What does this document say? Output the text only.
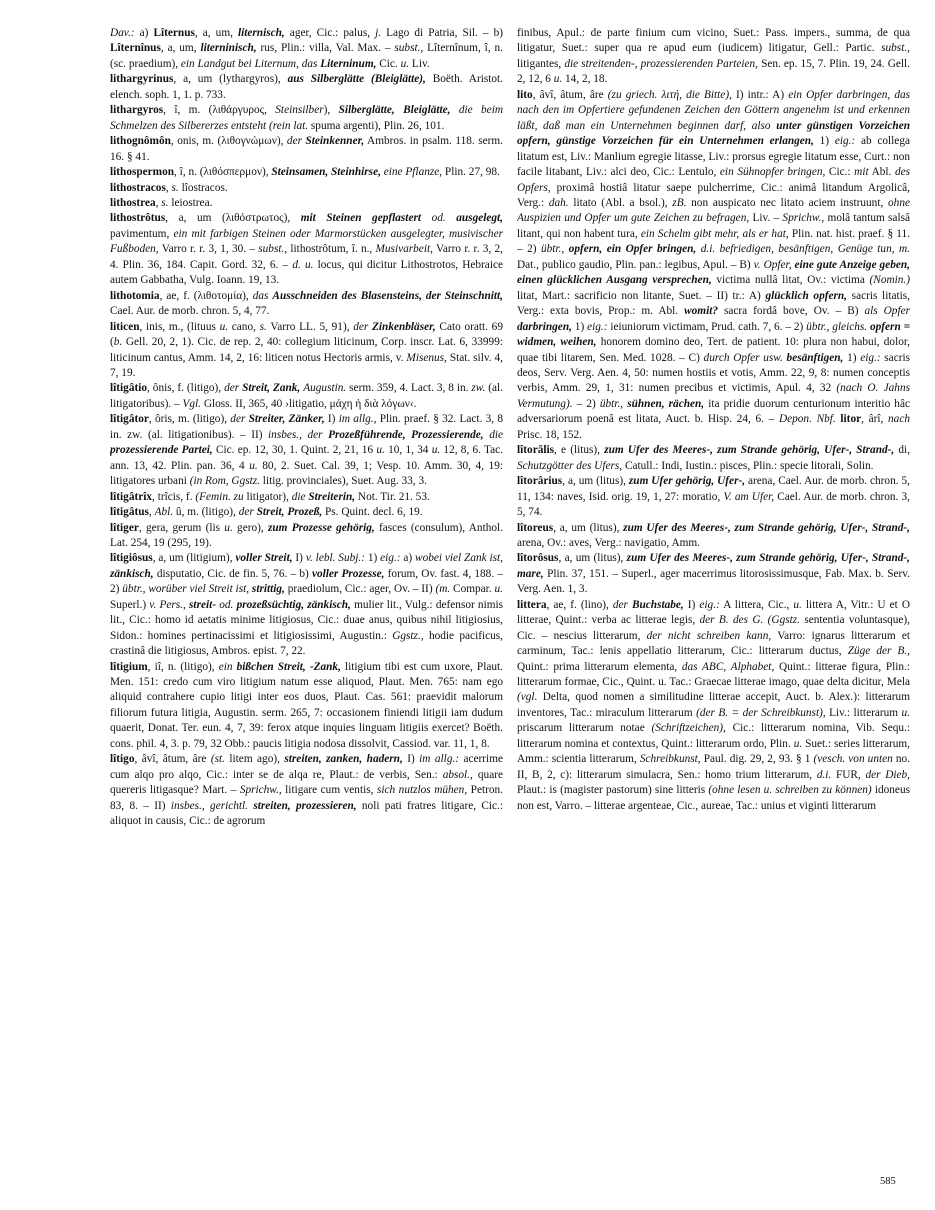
Dav.: a) Lîternus, a, um, liternisch, ager, Cic.: palus, j. Lago di Patria, Sil. – b) Lîternînus, a, um, literninisch, rus, Plin.: villa, Val. Max. – subst., Lîternînum, î, n. (sc. praedium), ein Landgut bei Liternum, das Literninum, Cic. u. Liv.

lithargyrinus, a, um (lythargyros), aus Silberglätte (Bleiglätte), Boëth. Aristot. elench. soph. 1, 1. p. 733.

lithargyros, î, m. (λιθάργυρος, Steinsilber), Silberglätte, Bleiglätte, die beim Schmelzen des Silbererzes entsteht (rein lat. spuma argenti), Plin. 26, 101.

lithognômôn, onis, m. (λιθογνώμων), der Steinkenner, Ambros. in psalm. 118. serm. 16. § 41.

lithospermon, î, n. (λιθόσπερμον), Steinsamen, Steinhirse, eine Pflanze, Plin. 27, 98.

lithostracos, s. lîostracos.

lithostrea, s. leiostrea.

lithostrôtus, a, um (λιθόστρωτος), mit Steinen gepflastert od. ausgelegt, pavimentum, ein mit farbigen Steinen oder Marmorstücken ausgelegter, musivischer Fußboden, Varro r. r. 3, 1, 30. – subst., lithostrôtum, î. n., Musivarbeit, Varro r. r. 3, 2, 4. Plin. 36, 184. Capit. Gord. 32, 6. – d. u. locus, qui dicitur Lithostrotos, Hebraice autem Gabbatha, Vulg. Ioann. 19, 13.

lithotomia, ae, f. (λιθοτομία), das Ausschneiden des Blasensteins, der Steinschnitt, Cael. Aur. de morb. chron. 5, 4, 77.

liticen, inis, m., (lituus u. cano, s. Varro LL. 5, 91), der Zinkenbläser, Cato oratt. 69 (b. Gell. 20, 2, 1). Cic. de rep. 2, 40: collegium liticinum, Corp. inscr. Lat. 6, 33999: liticinum cantus, Amm. 14, 2, 16: liticen notus Hectoris armis, v. Misenus, Stat. silv. 4, 7, 19.

lîtigâtio, ônis, f. (litigo), der Streit, Zank, Augustin. serm. 359, 4. Lact. 3, 8 in. zw. (al. litigatoribus). – Vgl. Gloss. II, 365, 40 ›litigatio, μάχη ἡ διὰ λόγων‹.

lîtigâtor, ôris, m. (litigo), der Streiter, Zänker, I) im allg., Plin. praef. § 32. Lact. 3, 8 in. zw. (al. litigationibus). – II) insbes., der Prozeßführende, Prozessierende, die prozessierende Partei, Cic. ep. 12, 30, 1. Quint. 2, 21, 16 u. 10, 1, 34 u. 12, 8, 6. Tac. ann. 13, 42. Plin. pan. 36, 4 u. 80, 2. Suet. Cal. 39, 1; Vesp. 10. Amm. 30, 4, 19: litigatores urbani (in Rom, Ggstz. litig. provinciales), Suet. Aug. 33, 3.

lîtigâtrîx, trîcis, f. (Femin. zu litigator), die Streiterin, Not. Tir. 21. 53.

lîtigâtus, Abl. û, m. (litigo), der Streit, Prozeß, Ps. Quint. decl. 6, 19.

lîtiger, gera, gerum (lis u. gero), zum Prozesse gehörig, fasces (consulum), Anthol. Lat. 254, 19 (295, 19).

lîtigiôsus, a, um (litigium), voller Streit, I) v. lebl. Subj.: 1) eig.: a) wobei viel Zank ist, zänkisch, disputatio, Cic. de fin. 5, 76. – b) voller Prozesse, forum, Ov. fast. 4, 188. – 2) übtr., worüber viel Streit ist, strittig, praediolum, Cic.: ager, Ov. – II) (m. Compar. u. Superl.) v. Pers., streit- od. prozeßsüchtig, zänkisch, mulier lit., Vulg.: defensor nimis lit., Cic.: homo id aetatis minime litigiosus, Cic.: duae anus, quibus nihil litigiosius, Sidon.: homines pertinacissimi et litigiosissimi, Augustin.: Ggstz., hodie pacificus, crastinâ die litigiosus, Ambros. epist. 7, 22.

lîtigium, iî, n. (litigo), ein bißchen Streit, -Zank, litigium tibi est cum uxore, Plaut. Men. 151: credo cum viro litigium natum esse aliquod, Plaut. Men. 765: nam ego aliquid contrahere cupio litigi inter eos duos, Plaut. Cas. 561: praevidit malorum filiorum futura litigia, Augustin. serm. 265, 7: occasionem finiendi litigii iam dudum quaerit, Donat. Ter. eun. 4, 7, 39: ferox atque inquies linguam litigiis exercet? Boëth. cons. phil. 4, 3. p. 79, 32 Obb.: paucis litigia nodosa dissolvit, Cassiod. var. 11, 1, 8.

lîtigo, âvî, âtum, âre (st. litem ago), streiten, zanken, hadern, I) im allg.: acerrime cum alqo pro alqo, Cic.: inter se de alqa re, Plaut.: de verbis, Sen.: absol., quare quereris litigasque? Mart. – Sprichw., litigare cum ventis, sich nutzlos mühen, Petron. 83, 8. – II) insbes., gerichtl. streiten, prozessieren, noli pati fratres litigare, Cic.: aliquot in causis, Cic.: de agrorum

finibus, Apul.: de parte finium cum vicino, Suet.: Pass. impers., summa, de qua litigatur, Suet.: super qua re apud eum (iudicem) litigatur, Gell.: Partic. subst., litigantes, die streitenden-, prozessierenden Parteien, Sen. ep. 15, 7. Plin. 19, 24. Gell. 2, 12, 6 u. 14, 2, 18.

lito, âvî, âtum, âre (zu griech. λιτή, die Bitte), I) intr.: A) ein Opfer darbringen, das nach den im Opfertiere gefundenen Zeichen den Göttern angenehm ist und erkennen läßt, daß man ein Unternehmen beginnen darf, also unter günstigen Vorzeichen opfern, günstige Vorzeichen für ein Unternehmen erlangen, 1) eig.: ab collega litatum est, Liv.: Manlium egregie litasse, Liv.: prorsus egregie litatum esse, Curt.: non facile litabant, Liv.: alci deo, Cic.: Lentulo, ein Sühnopfer bringen, Cic.: mit Abl. des Opfers, proximâ hostiâ litatur saepe pulcherrime, Cic.: animâ litandum Argolicâ, Verg.: dah. litato (Abl. a bsol.), zB. non auspicato nec litato aciem instruunt, ohne Auspizien und Opfer um gute Zeichen zu befragen, Liv. – Sprichw., molâ tantum salsâ litant, qui non habent tura, ein Schelm gibt mehr, als er hat, Plin. nat. hist. praef. § 11. – 2) übtr., opfern, ein Opfer bringen, d.i. befriedigen, besänftigen, Genüge tun, m. Dat., publico gaudio, Plin. pan.: legibus, Apul. – B) v. Opfer, eine gute Anzeige geben, einen glücklichen Ausgang versprechen, victima nullâ litat, Ov.: victima (Nomin.) litat, Mart.: sacrificio non litante, Suet. – II) tr.: A) glücklich opfern, sacris litatis, Verg.: exta bovis, Prop.: m. Abl. womit? sacra fordâ bove, Ov. – B) als Opfer darbringen, 1) eig.: ieiuniorum victimam, Prud. cath. 7, 6. – 2) übtr., gleichs. opfern = widmen, weihen, honorem domino deo, Tert. de patient. 10: plura non habui, dolor, quae tibi litarem, Sen. Med. 1028. – C) durch Opfer usw. besänftigen, 1) eig.: sacris deos, Serv. Verg. Aen. 4, 50: numen hostiis et votis, Amm. 22, 9, 8: numen conceptis verbis, Amm. 29, 1, 31: numen precibus et victimis, Apul. 4, 32 (nach O. Jahns Vermutung). – 2) übtr., sühnen, rächen, ita pridie duorum centurionum interitio hâc adversariorum poenâ est litata, Auct. b. Hisp. 24, 6. – Depon. Nbf. litor, ârî, nach Prisc. 18, 152.

lîtorâlis, e (litus), zum Ufer des Meeres-, zum Strande gehörig, Ufer-, Strand-, di, Schutzgötter des Ufers, Catull.: Indi, Iustin.: pisces, Plin.: specie litorali, Solin.

lîtorârius, a, um (litus), zum Ufer gehörig, Ufer-, arena, Cael. Aur. de morb. chron. 5, 11, 134: naves, Isid. orig. 19, 1, 27: moratio, V. am Ufer, Cael. Aur. de morb. chron. 3, 5, 74.

lîtoreus, a, um (litus), zum Ufer des Meeres-, zum Strande gehörig, Ufer-, Strand-, arena, Ov.: aves, Verg.: navigatio, Amm.

lîtorôsus, a, um (litus), zum Ufer des Meeres-, zum Strande gehörig, Ufer-, Strand-, mare, Plin. 37, 151. – Superl., ager macerrimus litorosissimusque, Fab. Max. b. Serv. Verg. Aen. 1, 3.

littera, ae, f. (lino), der Buchstabe, I) eig.: A littera, Cic., u. littera A, Vitr.: U et O litterae, Quint.: verba ac litterae legis, der B. des G. (Ggstz. sententia voluntasque), Cic. – nescius litterarum, der nicht schreiben kann, Varro: ignarus litterarum et carminum, Tac.: lenis appellatio litterarum, Cic.: litterarum ductus, Züge der B., Quint.: prima litterarum elementa, das ABC, Alphabet, Quint.: litterae figura, Plin.: litterarum formae, Cic., Quint. u. Tac.: Graecae litterae imago, quae delta dicitur, Mela (vgl. Delta, quod nomen a similitudine litterae accepit, Auct. b. Alex.): litterarum inventores, Tac.: miraculum litterarum (der B. = der Schreibkunst), Liv.: litterarum u. priscarum litterarum notae (Schriftzeichen), Cic.: litterarum nomina, Vib. Sequ.: litterarum nomina et contextus, Quint.: litterarum ordo, Plin. u. Suet.: series litterarum, Amm.: scientia litterarum, Schreibkunst, Paul. dig. 29, 2, 93. § 1 (vesch. von unten no. II, B, 2, c): litterarum simulacra, Sen.: homo trium litterarum, d.i. FUR, der Dieb, Plaut.: is (magister pastorum) sine litteris (ohne lesen u. schreiben zu können) idoneus non est, Varro. – litterae argenteae, Cic., aureae, Tac.: unius et viginti litterarum

585
